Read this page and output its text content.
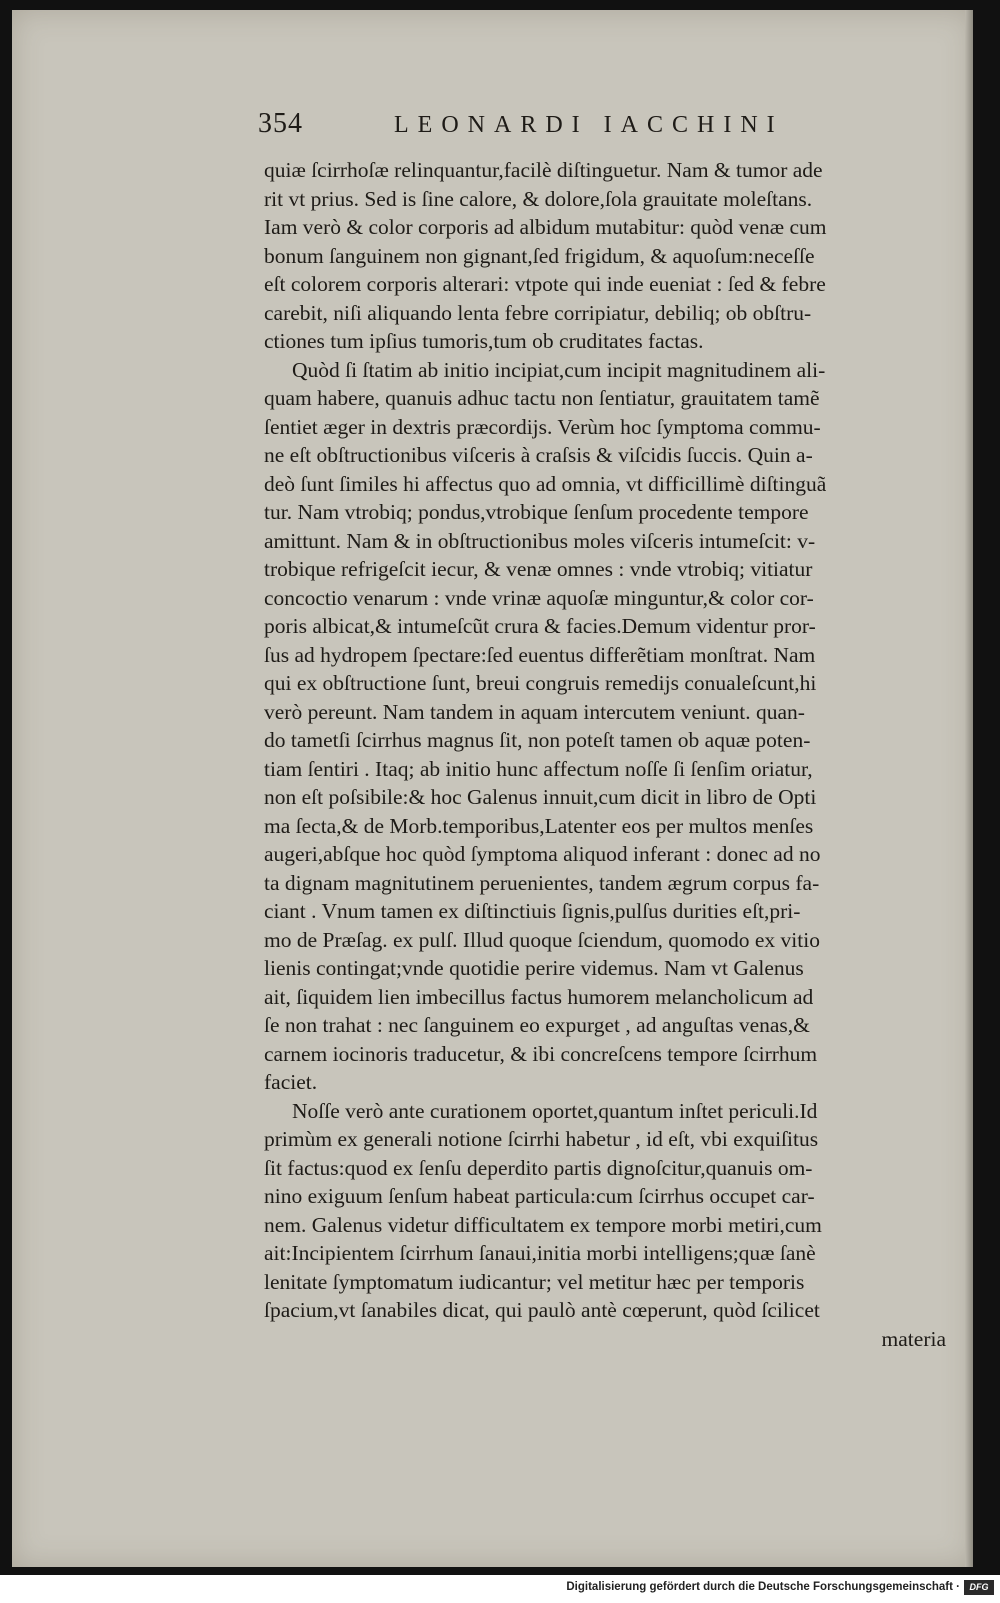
354	LEONARDI IACCHINI
quiæ ſcirrhoſæ relinquantur,facilè diſtinguetur. Nam & tumor ade
rit vt prius. Sed is ſine calore, & dolore,ſola grauitate moleſtans.
Iam verò & color corporis ad albidum mutabitur: quòd venæ cum
bonum ſanguinem non gignant,ſed frigidum, & aquoſum:neceſſe
eſt colorem corporis alterari: vtpote qui inde eueniat : ſed & febre
carebit, niſi aliquando lenta febre corripiatur, debiliq; ob obſtru-
ctiones tum ipſius tumoris,tum ob cruditates factas.
Quòd ſi ſtatim ab initio incipiat,cum incipit magnitudinem ali-
quam habere, quanuis adhuc tactu non ſentiatur, grauitatem tamẽ
ſentiet æger in dextris præcordijs. Verùm hoc ſymptoma commu-
ne eſt obſtructionibus viſceris à craſsis & viſcidis ſuccis. Quin a-
deò ſunt ſimiles hi affectus quo ad omnia, vt difficillimè diſtinguã
tur. Nam vtrobiq; pondus,vtrobique ſenſum procedente tempore
amittunt. Nam & in obſtructionibus moles viſceris intumeſcit: v-
trobique refrigeſcit iecur, & venæ omnes : vnde vtrobiq; vitiatur
concoctio venarum : vnde vrinæ aquoſæ minguntur,& color cor-
poris albicat,& intumeſcũt crura & facies.Demum videntur pror-
ſus ad hydropem ſpectare:ſed euentus differẽtiam monſtrat. Nam
qui ex obſtructione ſunt, breui congruis remedijs conualeſcunt,hi
verò pereunt. Nam tandem in aquam intercutem veniunt. quan-
do tametſi ſcirrhus magnus ſit, non poteſt tamen ob aquæ poten-
tiam ſentiri . Itaq; ab initio hunc affectum noſſe ſi ſenſim oriatur,
non eſt poſsibile:& hoc Galenus innuit,cum dicit in libro de Opti
ma ſecta,& de Morb.temporibus,Latenter eos per multos menſes
augeri,abſque hoc quòd ſymptoma aliquod inferant : donec ad no
ta dignam magnitutinem peruenientes, tandem ægrum corpus fa-
ciant . Vnum tamen ex diſtinctiuis ſignis,pulſus durities eſt,pri-
mo de Præſag. ex pulſ. Illud quoque ſciendum, quomodo ex vitio
lienis contingat;vnde quotidie perire videmus. Nam vt Galenus
ait, ſiquidem lien imbecillus factus humorem melancholicum ad
ſe non trahat : nec ſanguinem eo expurget , ad anguſtas venas,&
carnem iocinoris traducetur, & ibi concreſcens tempore ſcirrhum
faciet.
Noſſe verò ante curationem oportet,quantum inſtet periculi.Id
primùm ex generali notione ſcirrhi habetur , id eſt, vbi exquiſitus
ſit factus:quod ex ſenſu deperdito partis dignoſcitur,quanuis om-
nino exiguum ſenſum habeat particula:cum ſcirrhus occupet car-
nem. Galenus videtur difficultatem ex tempore morbi metiri,cum
ait:Incipientem ſcirrhum ſanaui,initia morbi intelligens;quæ ſanè
lenitate ſymptomatum iudicantur; vel metitur hæc per temporis
ſpacium,vt ſanabiles dicat, qui paulò antè cœperunt, quòd ſcilicet
materia
Digitalisierung gefördert durch die Deutsche Forschungsgemeinschaft ·	DFG
